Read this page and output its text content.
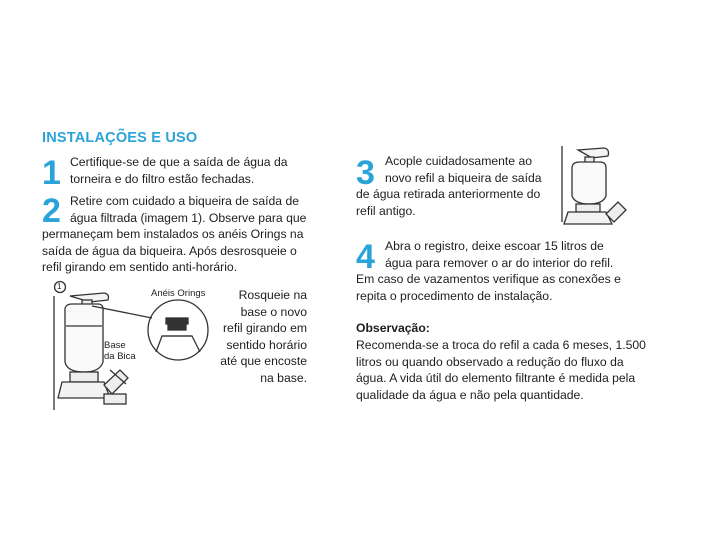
INSTALAÇÕES E USO
1 Certifique-se de que a saída de água da
torneira e do filtro estão fechadas.
2 Retire com cuidado a biqueira de saída de
água filtrada (imagem 1). Observe para que
permaneçam bem instalados os anéis Orings na
saída de água da biqueira. Após desrosqueie o
refil girando em sentido anti-horário.
Anéis Orings
Base
da Bica
Rosqueie na
base o novo
refil girando em
sentido horário
até que encoste
na base.
3 Acople cuidadosamente ao
novo refil a biqueira de saída
de água retirada anteriormente do
refil antigo.
4 Abra o registro, deixe escoar 15 litros de
água para remover o ar do interior do refil.
Em caso de vazamentos verifique as conexões e
repita o procedimento de instalação.
Observação:
Recomenda-se a troca do refil a cada 6 meses, 1.500
litros ou quando observado a redução do fluxo da
água. A vida útil do elemento filtrante é medida pela
qualidade da água e não pela quantidade.
1
